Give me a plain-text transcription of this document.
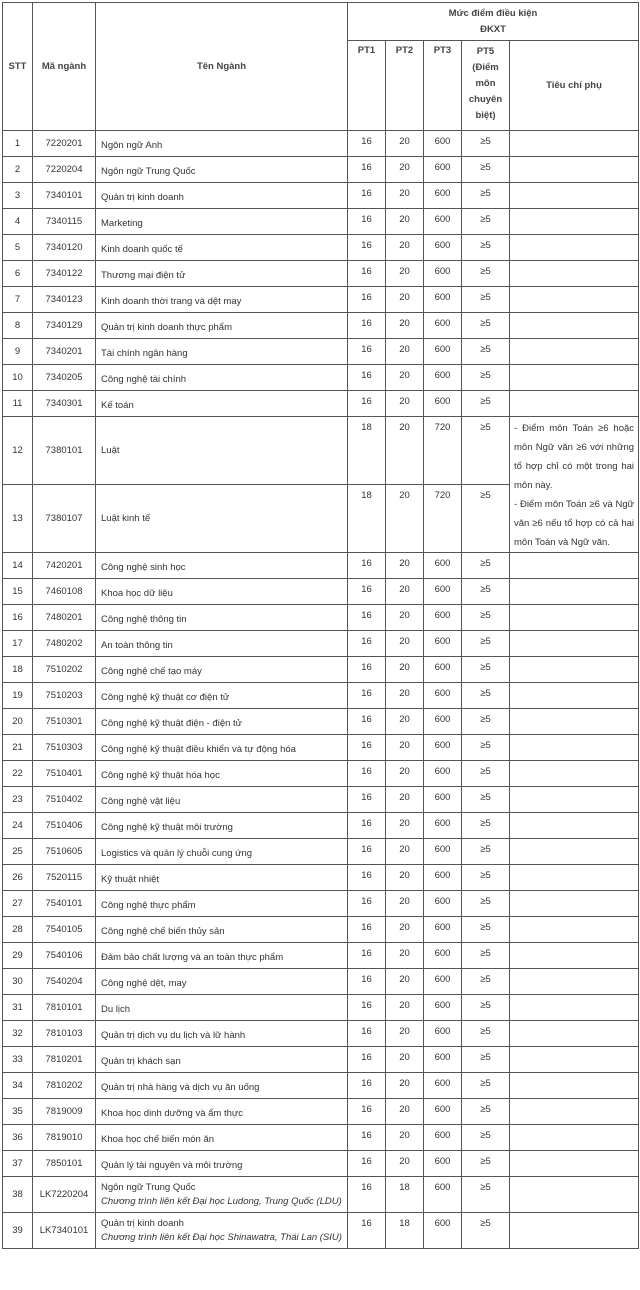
STT	Mã ngành	Tên Ngành	Mức điểm điều kiện
ĐKXT				
			PT1	PT2	PT3	PT5
(Điểm
môn
chuyên
biệt)	Tiêu chí phụ
1	7220201	Ngôn ngữ Anh	16	20	600	≥5	
2	7220204	Ngôn ngữ Trung Quốc	16	20	600	≥5	
3	7340101	Quản trị kinh doanh	16	20	600	≥5	
4	7340115	Marketing	16	20	600	≥5	
5	7340120	Kinh doanh quốc tế	16	20	600	≥5	
6	7340122	Thương mại điện tử	16	20	600	≥5	
7	7340123	Kinh doanh thời trang và dệt may	16	20	600	≥5	
8	7340129	Quản trị kinh doanh thực phẩm	16	20	600	≥5	
9	7340201	Tài chính ngân hàng	16	20	600	≥5	
10	7340205	Công nghệ tài chính	16	20	600	≥5	
11	7340301	Kế toán	16	20	600	≥5	
12	7380101	Luật	18	20	720	≥5	- Điểm môn Toán ≥6 hoặc môn Ngữ văn ≥6 với những tổ hợp chỉ có một trong hai môn này.
- Điểm môn Toán ≥6 và Ngữ văn ≥6 nếu tổ hợp có cả hai môn Toán và Ngữ văn.

13	7380107	Luật kinh tế	18	20	720	≥5	
14	7420201	Công nghệ sinh học	16	20	600	≥5	
15	7460108	Khoa học dữ liệu	16	20	600	≥5	
16	7480201	Công nghệ thông tin	16	20	600	≥5	
17	7480202	An toàn thông tin	16	20	600	≥5	
18	7510202	Công nghệ chế tạo máy	16	20	600	≥5	
19	7510203	Công nghệ kỹ thuật cơ điện tử	16	20	600	≥5	
20	7510301	Công nghệ kỹ thuật điện - điện tử	16	20	600	≥5	
21	7510303	Công nghệ kỹ thuật điều khiển và tự động hóa	16	20	600	≥5	
22	7510401	Công nghệ kỹ thuật hóa học	16	20	600	≥5	
23	7510402	Công nghệ vật liệu	16	20	600	≥5	
24	7510406	Công nghệ kỹ thuật môi trường	16	20	600	≥5	
25	7510605	Logistics và quản lý chuỗi cung ứng	16	20	600	≥5	
26	7520115	Kỹ thuật nhiệt	16	20	600	≥5	
27	7540101	Công nghệ thực phẩm	16	20	600	≥5	
28	7540105	Công nghệ chế biến thủy sản	16	20	600	≥5	
29	7540106	Đảm bảo chất lượng và an toàn thực phẩm	16	20	600	≥5	
30	7540204	Công nghệ dệt, may	16	20	600	≥5	
31	7810101	Du lịch	16	20	600	≥5	
32	7810103	Quản trị dịch vụ du lịch và lữ hành	16	20	600	≥5	
33	7810201	Quản trị khách sạn	16	20	600	≥5	
34	7810202	Quản trị nhà hàng và dịch vụ ăn uống	16	20	600	≥5	
35	7819009	Khoa học dinh dưỡng và ẩm thực	16	20	600	≥5	
36	7819010	Khoa học chế biến món ăn	16	20	600	≥5	
37	7850101	Quản lý tài nguyên và môi trường	16	20	600	≥5	
38	LK7220204	Ngôn ngữ Trung Quốc
Chương trình liên kết Đại học Ludong, Trung Quốc (LDU)	16	18	600	≥5	
39	LK7340101	Quản trị kinh doanh
Chương trình liên kết Đại học Shinawatra, Thái Lan (SIU)	16	18	600	≥5	
